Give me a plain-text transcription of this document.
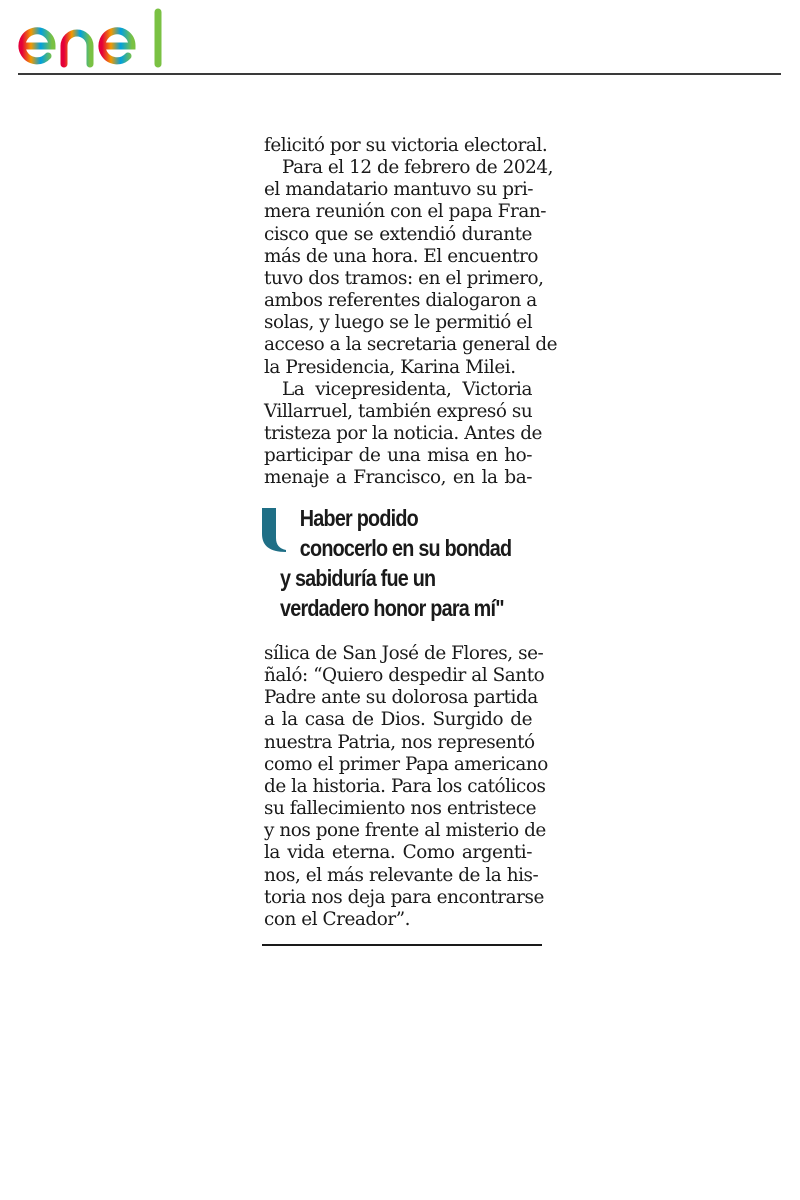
felicitó por su victoria electoral.

Para el 12 de febrero de 2024,
el mandatario mantuvo su pri-
mera reunión con el papa Fran-
cisco que se extendió durante
más de una hora. El encuentro
tuvo dos tramos: en el primero,
ambos referentes dialogaron a
solas, y luego se le permitió el
acceso a la secretaria general de
la Presidencia, Karina Milei.

La vicepresidenta, Victoria
Villarruel, también expresó su
tristeza por la noticia. Antes de
participar de una misa en ho-
menaje a Francisco, en la ba-

Haber podido
conocerlo en su bondad
y sabiduría fue un
verdadero honor para mí"

sílica de San José de Flores, se-
ñaló: “Quiero despedir al Santo
Padre ante su dolorosa partida
a la casa de Dios. Surgido de
nuestra Patria, nos representó
como el primer Papa americano
de la historia. Para los católicos
su fallecimiento nos entristece
y nos pone frente al misterio de
la vida eterna. Como argenti-
nos, el más relevante de la his-
toria nos deja para encontrarse
con el Creador”.
